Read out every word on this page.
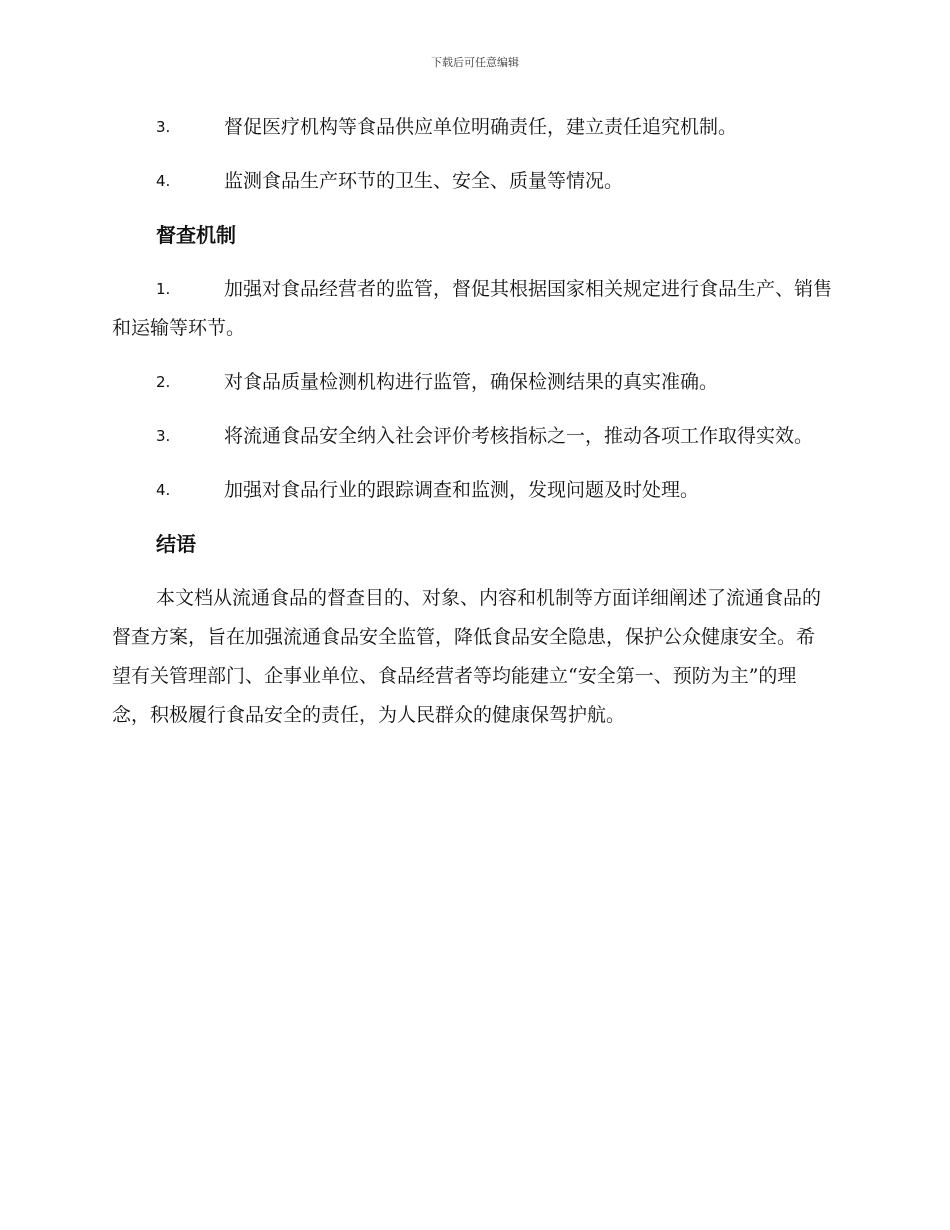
下载后可任意编辑
3.	督促医疗机构等食品供应单位明确责任，建立责任追究机制。
4.	监测食品生产环节的卫生、安全、质量等情况。
督查机制
1.	加强对食品经营者的监管，督促其根据国家相关规定进行食品生产、销售和运输等环节。
2.	对食品质量检测机构进行监管，确保检测结果的真实准确。
3.	将流通食品安全纳入社会评价考核指标之一，推动各项工作取得实效。
4.	加强对食品行业的跟踪调查和监测，发现问题及时处理。
结语
本文档从流通食品的督查目的、对象、内容和机制等方面详细阐述了流通食品的督查方案，旨在加强流通食品安全监管，降低食品安全隐患，保护公众健康安全。希望有关管理部门、企事业单位、食品经营者等均能建立“安全第一、预防为主”的理念，积极履行食品安全的责任，为人民群众的健康保驾护航。
